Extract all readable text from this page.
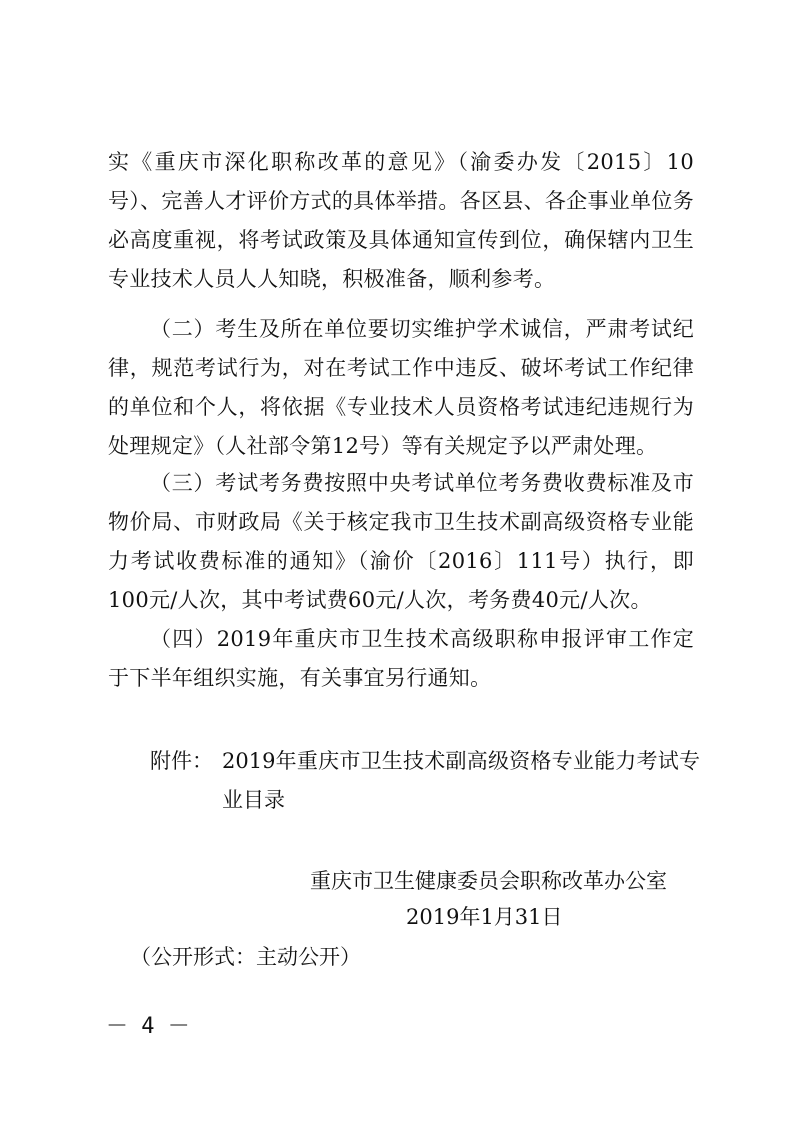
实《重庆市深化职称改革的意见》（渝委办发〔2015〕10号）、完善人才评价方式的具体举措。各区县、各企事业单位务必高度重视，将考试政策及具体通知宣传到位，确保辖内卫生专业技术人员人人知晓，积极准备，顺利参考。

（二）考生及所在单位要切实维护学术诚信，严肃考试纪律，规范考试行为，对在考试工作中违反、破坏考试工作纪律的单位和个人，将依据《专业技术人员资格考试违纪违规行为处理规定》（人社部令第12号）等有关规定予以严肃处理。

（三）考试考务费按照中央考试单位考务费收费标准及市物价局、市财政局《关于核定我市卫生技术副高级资格专业能力考试收费标准的通知》（渝价〔2016〕111号）执行，即100元/人次，其中考试费60元/人次，考务费40元/人次。

（四）2019年重庆市卫生技术高级职称申报评审工作定于下半年组织实施，有关事宜另行通知。

附件： 2019年重庆市卫生技术副高级资格专业能力考试专业目录
重庆市卫生健康委员会职称改革办公室
2019年1月31日
（公开形式：主动公开）
－ 4 －
